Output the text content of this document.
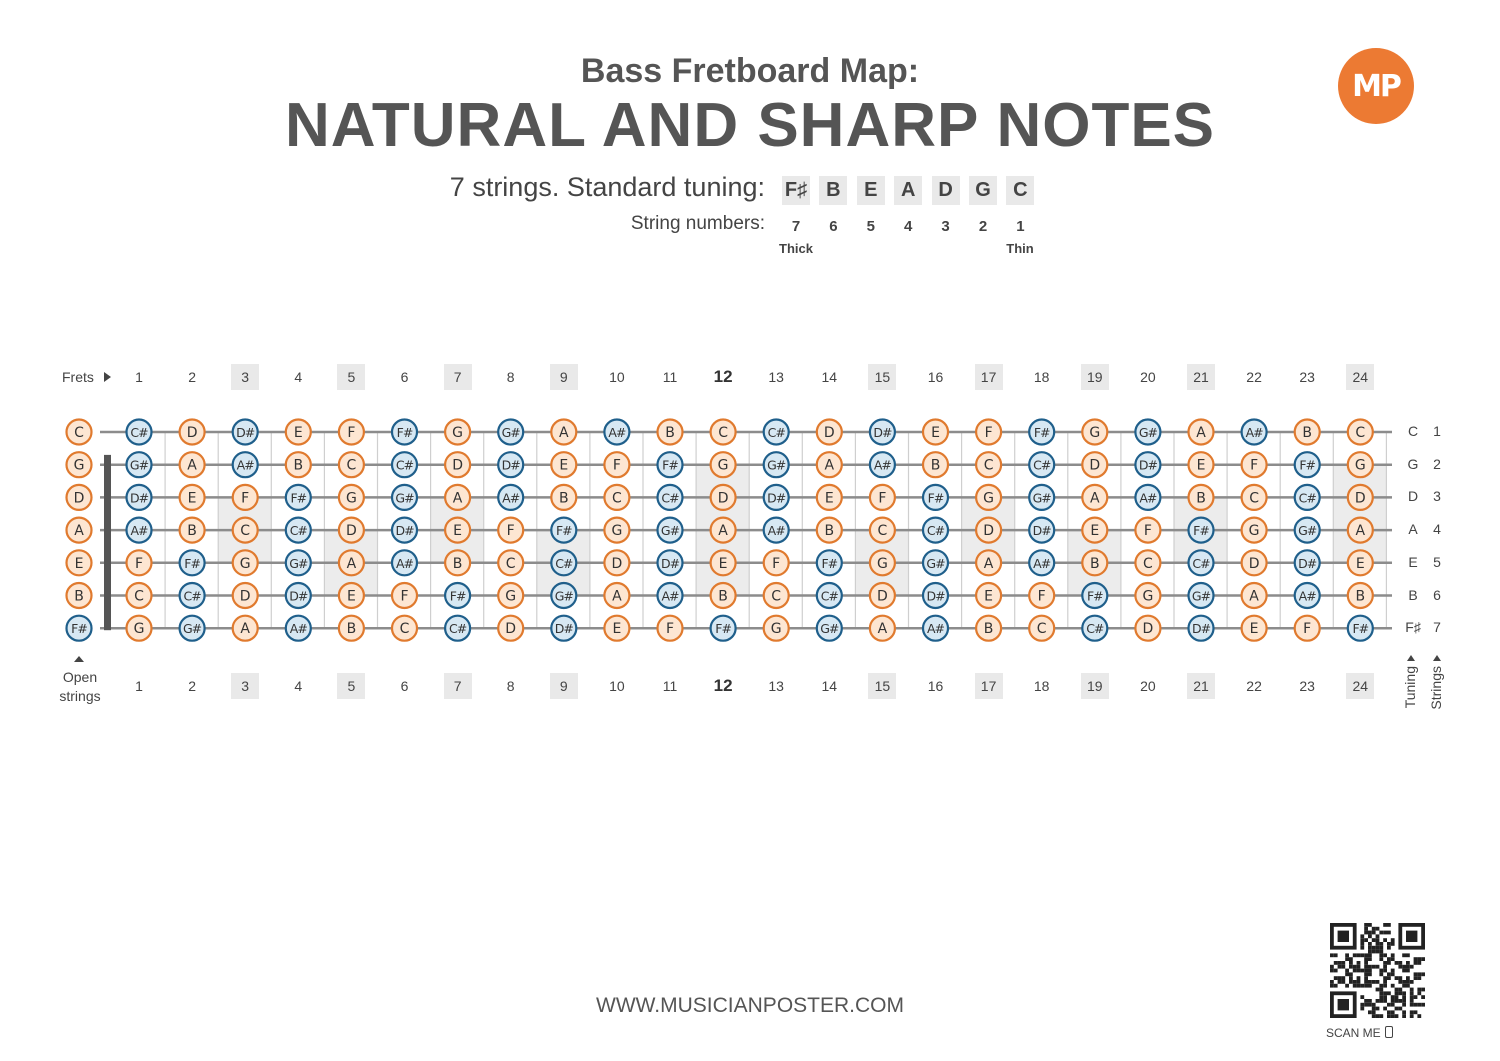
MP
Bass Fretboard Map:
NATURAL AND SHARP NOTES
7 strings. Standard tuning: F♯ B	E	A	D	G	C
String numbers:	7	6	5	4	3	2	1
Thick	Thin
Frets	1	2	3	4	5	6	7	8	9	10	11	12	13	14	15	16	17	18	19	20	21	22	23	24
1	2	3	4	5	6	7	8	9	10	11	12	13	14	15	16	17	18	19	20	21	22	23	24
C	C#	D	D#	E	F	F#	G	G#	A	A#	B	C	C#	D	D#	E	F	F#	G	G#	A	A#	B	C
G	G#	A	A#	B	C	C#	D	D#	E	F	F#	G	G#	A	A#	B	C	C#	D	D#	E	F	F#	G
D	D#	E	F	F#	G	G#	A	A#	B	C	C#	D	D#	E	F	F#	G	G#	A	A#	B	C	C#	D
A	A#	B	C	C#	D	D#	E	F	F#	G	G#	A	A#	B	C	C#	D	D#	E	F	F#	G	G#	A
E	F	F#	G	G#	A	A#	B	C	C#	D	D#	E	F	F#	G	G#	A	A#	B	C	C#	D	D#	E
B	C	C#	D	D#	E	F	F#	G	G#	A	A#	B	C	C#	D	D#	E	F	F#	G	G#	A	A#	B
F#	G	G#	A	A#	B	C	C#	D	D#	E	F	F#	G	G#	A	A#	B	C	C#	D	D#	E	F	F#
C	1
G	2
D	3
A	4
E	5
B	6
F♯ 7
Open
strings	Tuning Strings
WWW.MUSICIANPOSTER.COM
SCAN ME
